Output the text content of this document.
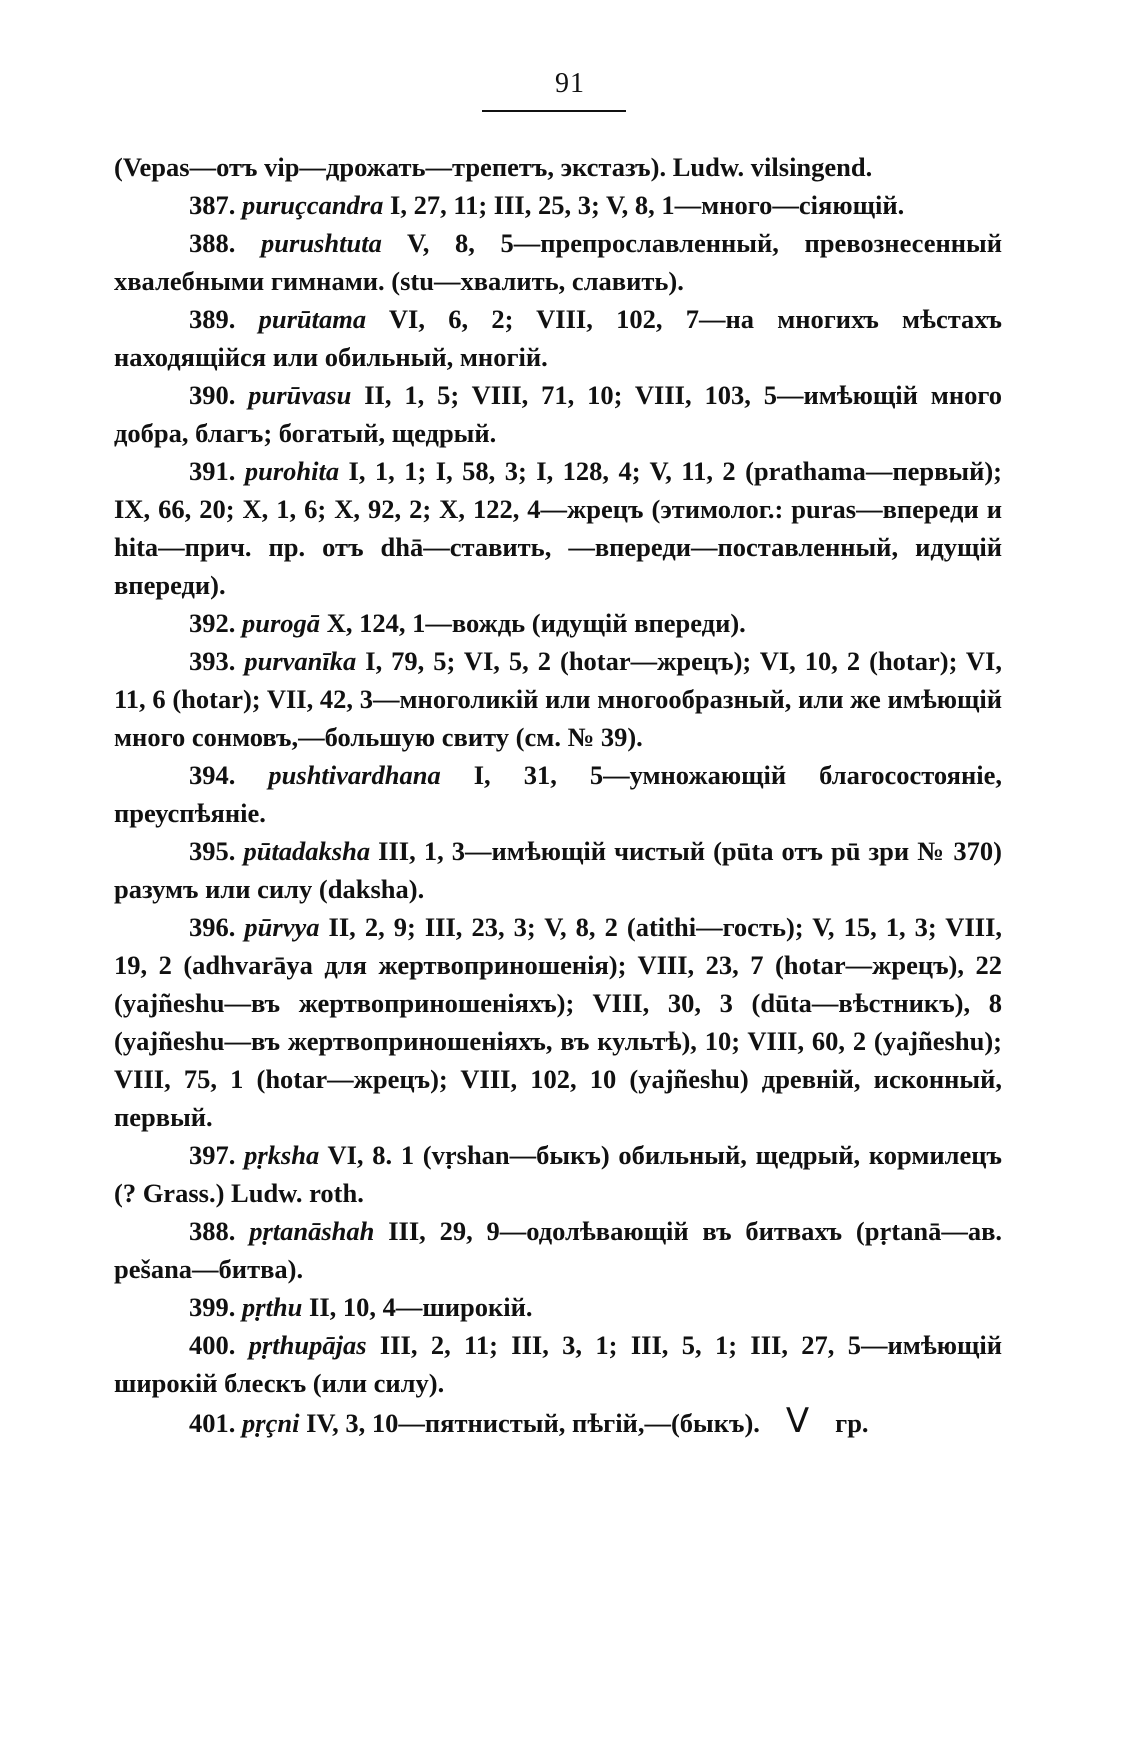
91

(Vepas—отъ vip—дрожать—трепетъ, экстазъ). Ludw. vilsingend.

387. puruçcandra I, 27, 11; III, 25, 3; V, 8, 1—много—сіяющій.

388. purushtuta V, 8, 5—препрославленный, превознесенный хвалебными гимнами. (stu—хвалить, славить).

389. purūtama VI, 6, 2; VIII, 102, 7—на многихъ мѣстахъ находящійся или обильный, многій.

390. purūvasu II, 1, 5; VIII, 71, 10; VIII, 103, 5—имѣющій много добра, благъ; богатый, щедрый.

391. purohita I, 1, 1; I, 58, 3; I, 128, 4; V, 11, 2 (prathama—первый); IX, 66, 20; X, 1, 6; X, 92, 2; X, 122, 4—жрецъ (этимолог.: puras—впереди и hita—прич. пр. отъ dhā—ставить, —впереди—поставленный, идущій впереди).

392. purogā X, 124, 1—вождь (идущій впереди).

393. purvanīka I, 79, 5; VI, 5, 2 (hotar—жрецъ); VI, 10, 2 (hotar); VI, 11, 6 (hotar); VII, 42, 3—многоликій или многообразный, или же имѣющій много сонмовъ,—большую свиту (см. № 39).

394. pushtivardhana I, 31, 5—умножающій благосостояніе, преуспѣяніе.

395. pūtadaksha III, 1, 3—имѣющій чистый (pūta отъ pū зри № 370) разумъ или силу (daksha).

396. pūrvya II, 2, 9; III, 23, 3; V, 8, 2 (atithi—гость); V, 15, 1, 3; VIII, 19, 2 (adhvarāya для жертвоприношенія); VIII, 23, 7 (hotar—жрецъ), 22 (yajñeshu—въ жертвоприношеніяхъ); VIII, 30, 3 (dūta—вѣстникъ), 8 (yajñeshu—въ жертвоприношеніяхъ, въ культѣ), 10; VIII, 60, 2 (yajñeshu); VIII, 75, 1 (hotar—жрецъ); VIII, 102, 10 (yajñeshu) древній, исконный, первый.

397. pṛksha VI, 8. 1 (vṛshan—быкъ) обильный, щедрый, кормилецъ (? Grass.) Ludw. roth.

388. pṛtanāshah III, 29, 9—одолѣвающій въ битвахъ (pṛtanā—ав. pešana—битва).

399. pṛthu II, 10, 4—широкій.

400. pṛthupājas III, 2, 11; III, 3, 1; III, 5, 1; III, 27, 5—имѣющій широкій блескъ (или силу).

401. pṛçni IV, 3, 10—пятнистый, пѣгій,—(быкъ). V гр.
